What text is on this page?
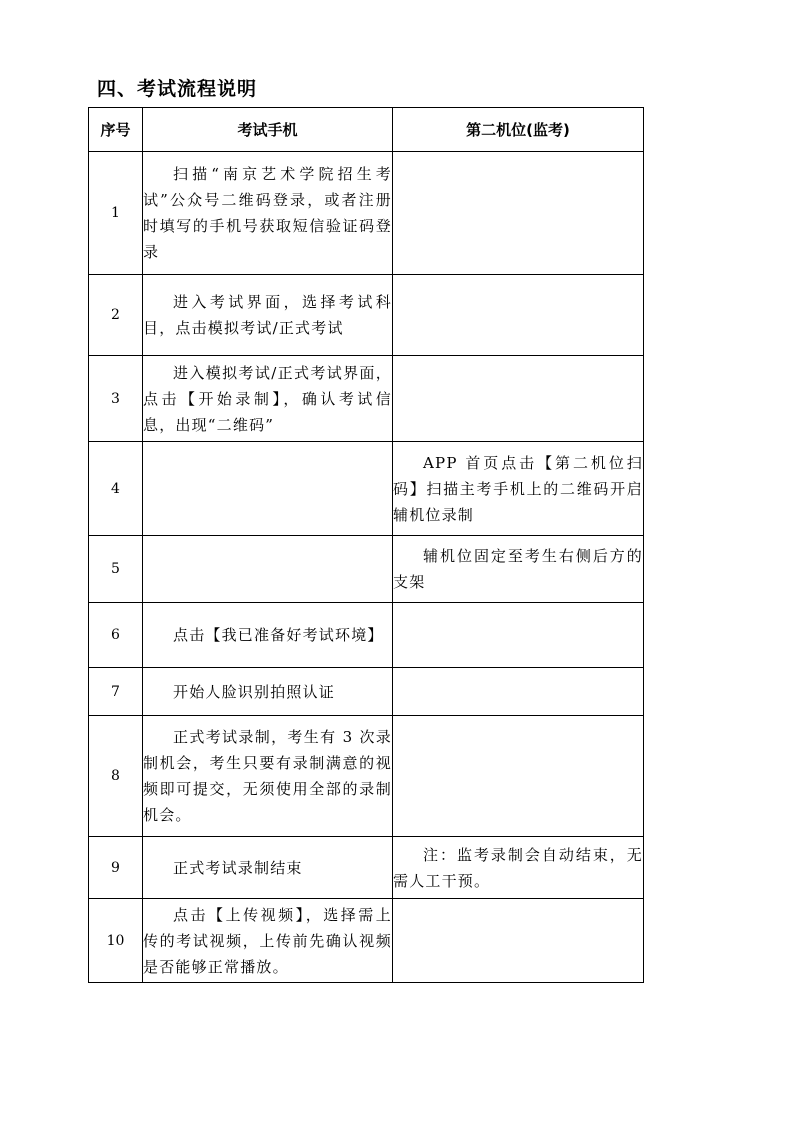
四、考试流程说明
序号	考试手机	第二机位(监考)
1	扫描“南京艺术学院招生考试”公众号二维码登录，或者注册时填写的手机号获取短信验证码登录	

2	进入考试界面，选择考试科目，点击模拟考试/正式考试	

3	进入模拟考试/正式考试界面，点击【开始录制】，确认考试信息，出现“二维码”	

4		APP 首页点击【第二机位扫码】扫描主考手机上的二维码开启辅机位录制

5		辅机位固定至考生右侧后方的支架

6	点击【我已准备好考试环境】	

7	开始人脸识别拍照认证	

8	正式考试录制，考生有 3 次录制机会，考生只要有录制满意的视频即可提交，无须使用全部的录制机会。	

9	正式考试录制结束	注：监考录制会自动结束，无需人工干预。

10	点击【上传视频】，选择需上传的考试视频，上传前先确认视频是否能够正常播放。	
